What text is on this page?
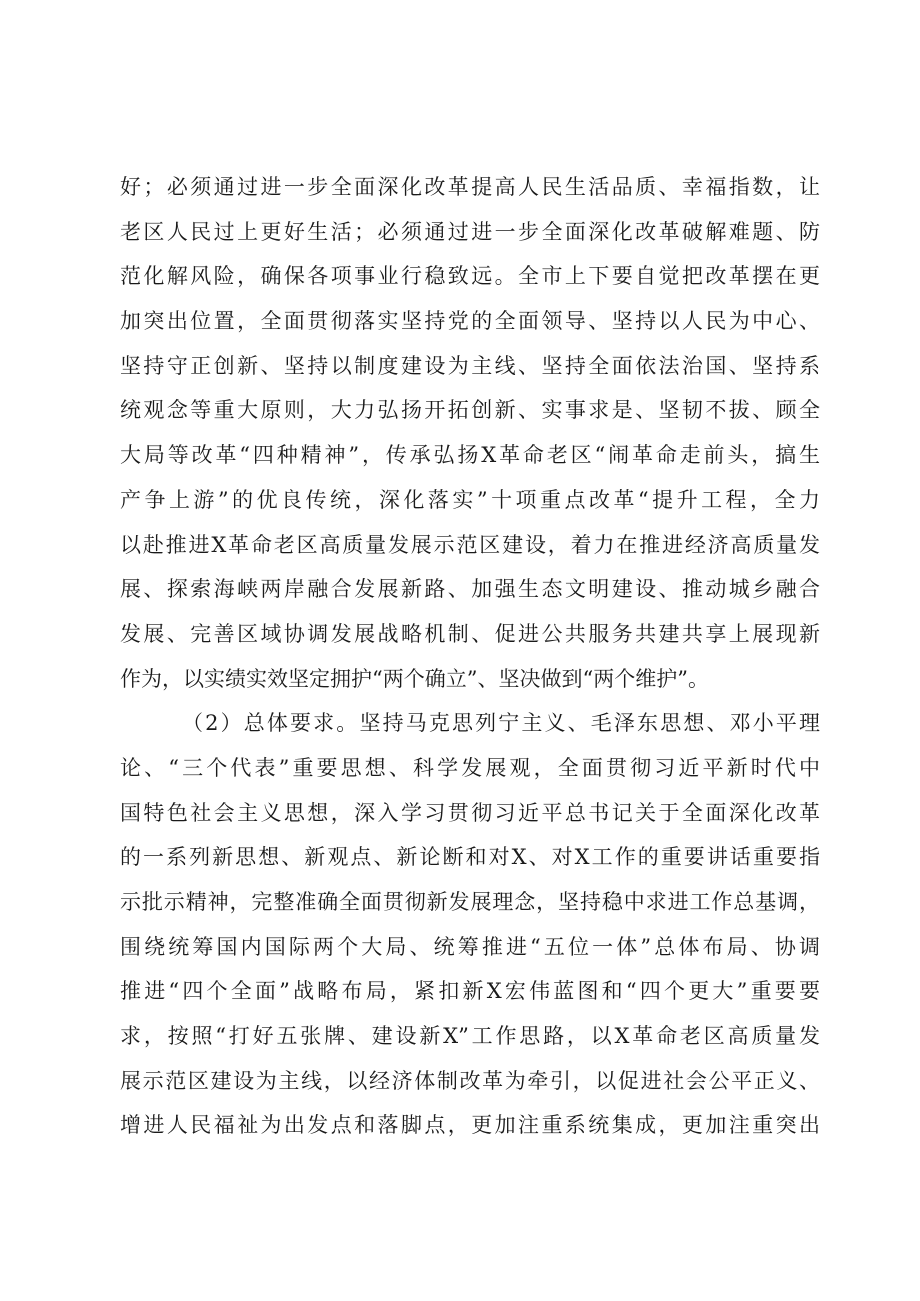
好；必须通过进一步全面深化改革提高人民生活品质、幸福指数，让
老区人民过上更好生活；必须通过进一步全面深化改革破解难题、防
范化解风险，确保各项事业行稳致远。全市上下要自觉把改革摆在更
加突出位置，全面贯彻落实坚持党的全面领导、坚持以人民为中心、
坚持守正创新、坚持以制度建设为主线、坚持全面依法治国、坚持系
统观念等重大原则，大力弘扬开拓创新、实事求是、坚韧不拔、顾全
大局等改革“四种精神”，传承弘扬X革命老区“闹革命走前头，搞生
产争上游”的优良传统，深化落实”十项重点改革“提升工程，全力
以赴推进X革命老区高质量发展示范区建设，着力在推进经济高质量发
展、探索海峡两岸融合发展新路、加强生态文明建设、推动城乡融合
发展、完善区域协调发展战略机制、促进公共服务共建共享上展现新
作为，以实绩实效坚定拥护“两个确立”、坚决做到“两个维护”。
（2）总体要求。坚持马克思列宁主义、毛泽东思想、邓小平理
论、“三个代表”重要思想、科学发展观，全面贯彻习近平新时代中
国特色社会主义思想，深入学习贯彻习近平总书记关于全面深化改革
的一系列新思想、新观点、新论断和对X、对X工作的重要讲话重要指
示批示精神，完整准确全面贯彻新发展理念，坚持稳中求进工作总基调，
围绕统筹国内国际两个大局、统筹推进“五位一体”总体布局、协调
推进“四个全面”战略布局，紧扣新X宏伟蓝图和“四个更大”重要要
求，按照“打好五张牌、建设新X”工作思路，以X革命老区高质量发
展示范区建设为主线，以经济体制改革为牵引，以促进社会公平正义、
增进人民福祉为出发点和落脚点，更加注重系统集成，更加注重突出
